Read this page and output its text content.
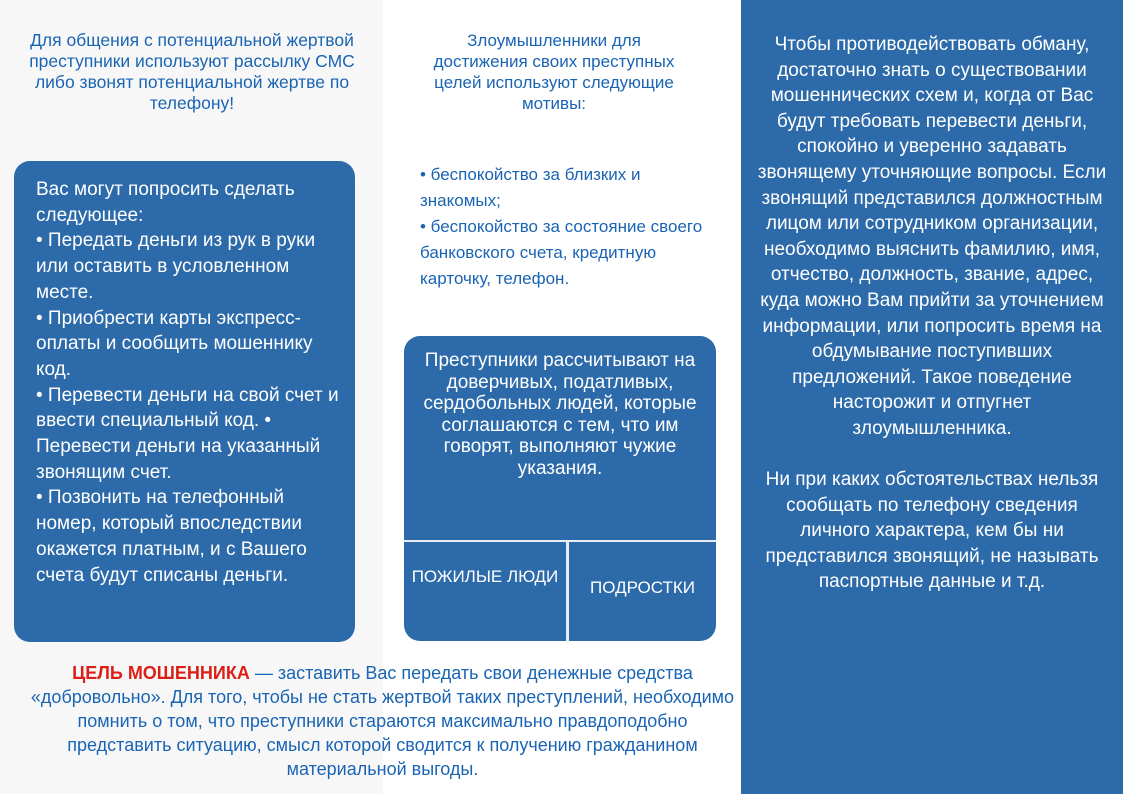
Для общения с потенциальной жертвой преступники используют рассылку СМС либо звонят потенциальной жертве по телефону!
Вас могут попросить сделать следующее:
• Передать деньги из рук в руки или оставить в условленном месте.
• Приобрести карты экспресс-оплаты и сообщить мошеннику код.
• Перевести деньги на свой счет и ввести специальный код. • Перевести деньги на указанный звонящим счет.
• Позвонить на телефонный номер, который впоследствии окажется платным, и с Вашего счета будут списаны деньги.
Злоумышленники для достижения своих преступных целей используют следующие мотивы:
• беспокойство за близких и знакомых;
• беспокойство за состояние своего банковского счета, кредитную карточку, телефон.
Преступники рассчитывают на доверчивых, податливых, сердобольных людей, которые соглашаются с тем, что им говорят, выполняют чужие указания.
ПОЖИЛЫЕ ЛЮДИ
ПОДРОСТКИ

Чтобы противодействовать обману, достаточно знать о существовании мошеннических схем и, когда от Вас будут требовать перевести деньги, спокойно и уверенно задавать звонящему уточняющие вопросы. Если звонящий представился должностным лицом или сотрудником организации, необходимо выяснить фамилию, имя, отчество, должность, звание, адрес, куда можно Вам прийти за уточнением информации, или попросить время на обдумывание поступивших предложений. Такое поведение насторожит и отпугнет злоумышленника.

Ни при каких обстоятельствах нельзя сообщать по телефону сведения личного характера, кем бы ни представился звонящий, не называть паспортные данные и т.д.

ЦЕЛЬ МОШЕННИКА — заставить Вас передать свои денежные средства «добровольно». Для того, чтобы не стать жертвой таких преступлений, необходимо помнить о том, что преступники стараются максимально правдоподобно представить ситуацию, смысл которой сводится к получению гражданином материальной выгоды.
